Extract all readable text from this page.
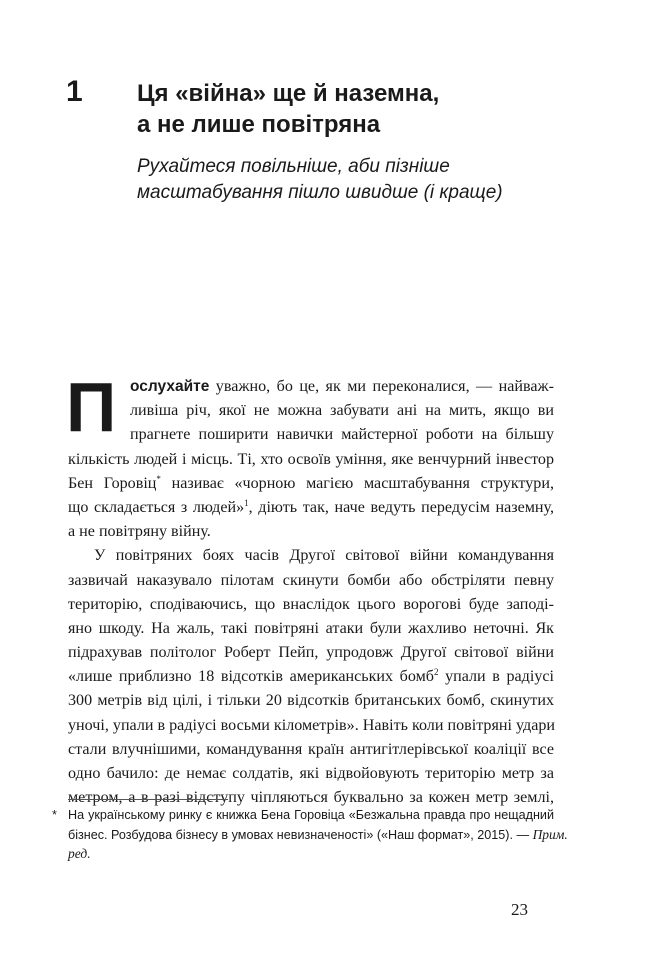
1 Ця «війна» ще й наземна,
а не лише повітряна
Рухайтеся повільніше, аби пізніше
масштабування пішло швидше (і краще)
П ослухайте уважно, бо це, як ми переконалися, — найваж-
ливіша річ, якої не можна забувати ані на мить, якщо ви
прагнете поширити навички майстерної роботи на більшу
кількість людей і місць. Ті, хто освоїв уміння, яке венчурний інвестор
Бен Горовіц* називає «чорною магією масштабування структури,
що складається з людей»$^1$, діють так, наче ведуть передусім наземну,
а не повітряну війну.
У повітряних боях часів Другої світової війни командування
зазвичай наказувало пілотам скинути бомби або обстріляти певну
територію, сподіваючись, що внаслідок цього ворогові буде заподі-
яно шкоду. На жаль, такі повітряні атаки були жахливо неточні. Як
підрахував політолог Роберт Пейп, упродовж Другої світової війни
«лише приблизно 18 відсотків американських бомб$^2$ упали в радіусі
300 метрів від цілі, і тільки 20 відсотків британських бомб, скинутих
уночі, упали в радіусі восьми кілометрів». Навіть коли повітряні удари
стали влучнішими, командування країн антигітлерівської коаліції все
одно бачило: де немає солдатів, які відвойовують територію метр за
метром, а в разі відступу чіпляються буквально за кожен метр землі,
* На українському ринку є книжка Бена Горовіца «Безжальна правда про нещадний
бізнес. Розбудова бізнесу в умовах невизначеності» («Наш формат», 2015). — Прим.
ред.
23
